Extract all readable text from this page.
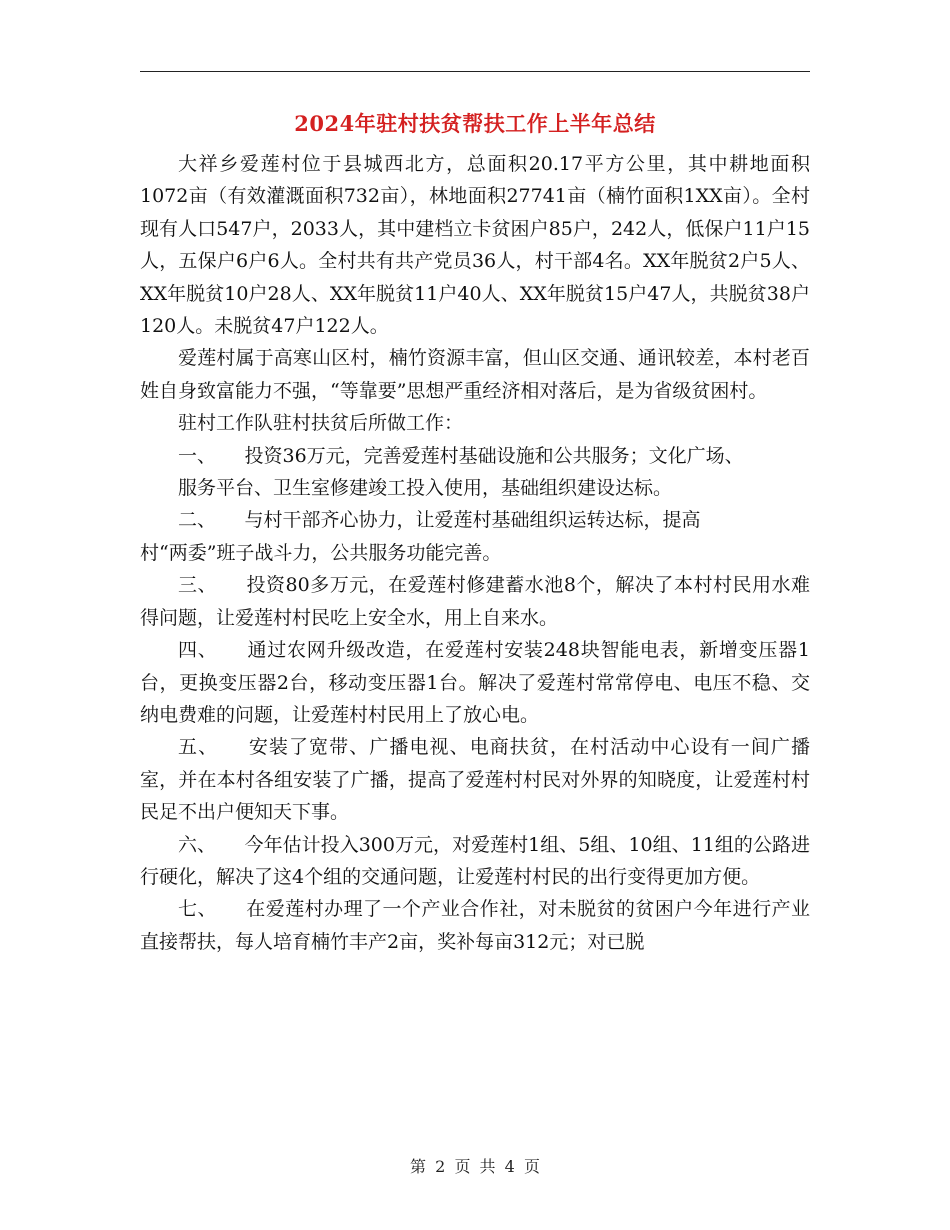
2024年驻村扶贫帮扶工作上半年总结

大祥乡爱莲村位于县城西北方，总面积20.17平方公里，其中耕地面积1072亩（有效灌溉面积732亩），林地面积27741亩（楠竹面积1XX亩）。全村现有人口547户，2033人，其中建档立卡贫困户85户，242人，低保户11户15人，五保户6户6人。全村共有共产党员36人，村干部4名。XX年脱贫2户5人、XX年脱贫10户28人、XX年脱贫11户40人、XX年脱贫15户47人，共脱贫38户120人。未脱贫47户122人。

爱莲村属于高寒山区村，楠竹资源丰富，但山区交通、通讯较差，本村老百姓自身致富能力不强，“等靠要”思想严重经济相对落后，是为省级贫困村。

驻村工作队驻村扶贫后所做工作：

一、　　投资36万元，完善爱莲村基础设施和公共服务；文化广场、

服务平台、卫生室修建竣工投入使用，基础组织建设达标。

二、　　与村干部齐心协力，让爱莲村基础组织运转达标，提高

村“两委”班子战斗力，公共服务功能完善。

三、　　投资80多万元，在爱莲村修建蓄水池8个，解决了本村村民用水难得问题，让爱莲村村民吃上安全水，用上自来水。

四、　　通过农网升级改造，在爱莲村安装248块智能电表，新增变压器1台，更换变压器2台，移动变压器1台。解决了爱莲村常常停电、电压不稳、交纳电费难的问题，让爱莲村村民用上了放心电。

五、　　安装了宽带、广播电视、电商扶贫，在村活动中心设有一间广播室，并在本村各组安装了广播，提高了爱莲村村民对外界的知晓度，让爱莲村村民足不出户便知天下事。

六、　　今年估计投入300万元，对爱莲村1组、5组、10组、11组的公路进行硬化，解决了这4个组的交通问题，让爱莲村村民的出行变得更加方便。

七、　　在爱莲村办理了一个产业合作社，对未脱贫的贫困户今年进行产业直接帮扶，每人培育楠竹丰产2亩，奖补每亩312元；对已脱

第 2 页 共 4 页
